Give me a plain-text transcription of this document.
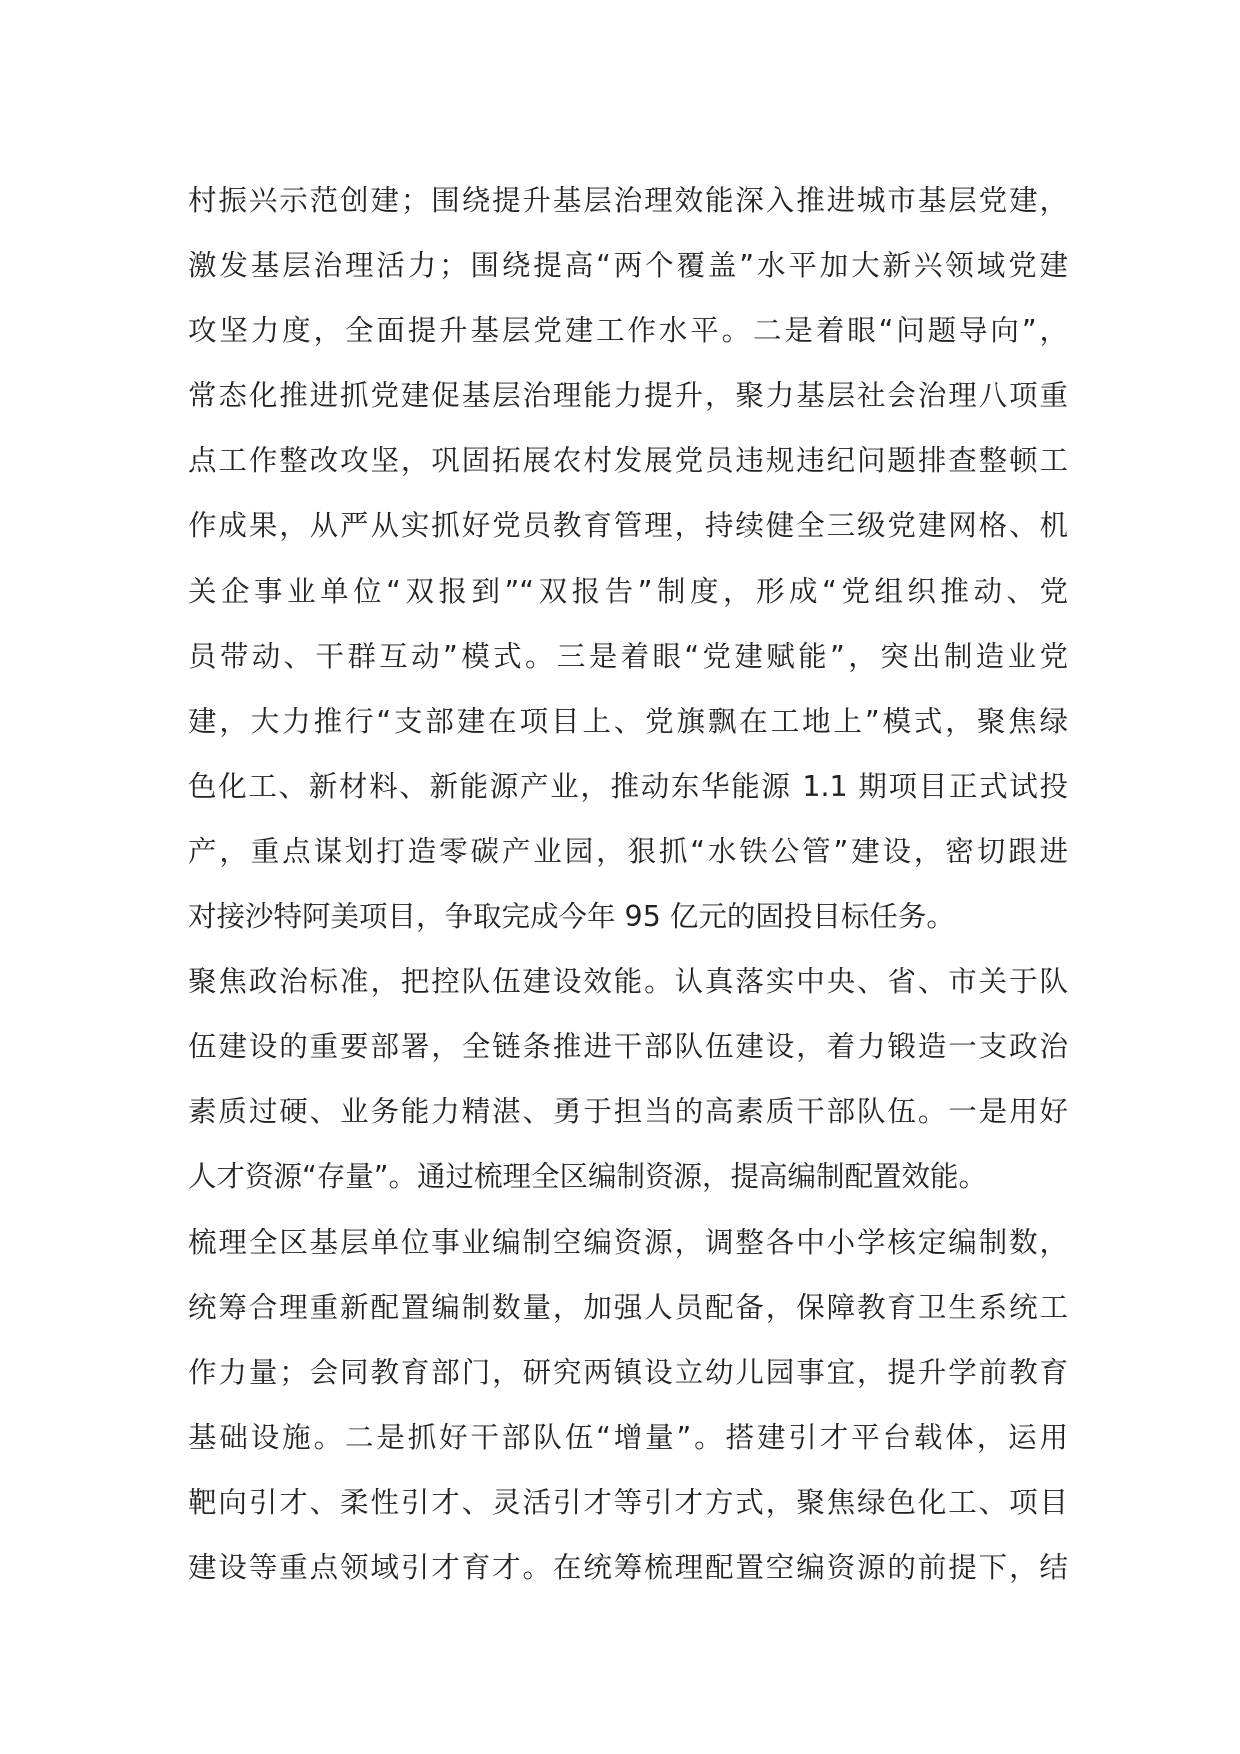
村振兴示范创建；围绕提升基层治理效能深入推进城市基层党建，
激发基层治理活力；围绕提高“两个覆盖”水平加大新兴领域党建
攻坚力度，全面提升基层党建工作水平。二是着眼“问题导向”，
常态化推进抓党建促基层治理能力提升，聚力基层社会治理八项重
点工作整改攻坚，巩固拓展农村发展党员违规违纪问题排查整顿工
作成果，从严从实抓好党员教育管理，持续健全三级党建网格、机
关企事业单位“双报到”“双报告”制度，形成“党组织推动、党
员带动、干群互动”模式。三是着眼“党建赋能”，突出制造业党
建，大力推行“支部建在项目上、党旗飘在工地上”模式，聚焦绿
色化工、新材料、新能源产业，推动东华能源 1.1 期项目正式试投
产，重点谋划打造零碳产业园，狠抓“水铁公管”建设，密切跟进
对接沙特阿美项目，争取完成今年 95 亿元的固投目标任务。
聚焦政治标准，把控队伍建设效能。认真落实中央、省、市关于队
伍建设的重要部署，全链条推进干部队伍建设，着力锻造一支政治
素质过硬、业务能力精湛、勇于担当的高素质干部队伍。一是用好
人才资源“存量”。通过梳理全区编制资源，提高编制配置效能。
梳理全区基层单位事业编制空编资源，调整各中小学核定编制数，
统筹合理重新配置编制数量，加强人员配备，保障教育卫生系统工
作力量；会同教育部门，研究两镇设立幼儿园事宜，提升学前教育
基础设施。二是抓好干部队伍“增量”。搭建引才平台载体，运用
靶向引才、柔性引才、灵活引才等引才方式，聚焦绿色化工、项目
建设等重点领域引才育才。在统筹梳理配置空编资源的前提下，结
